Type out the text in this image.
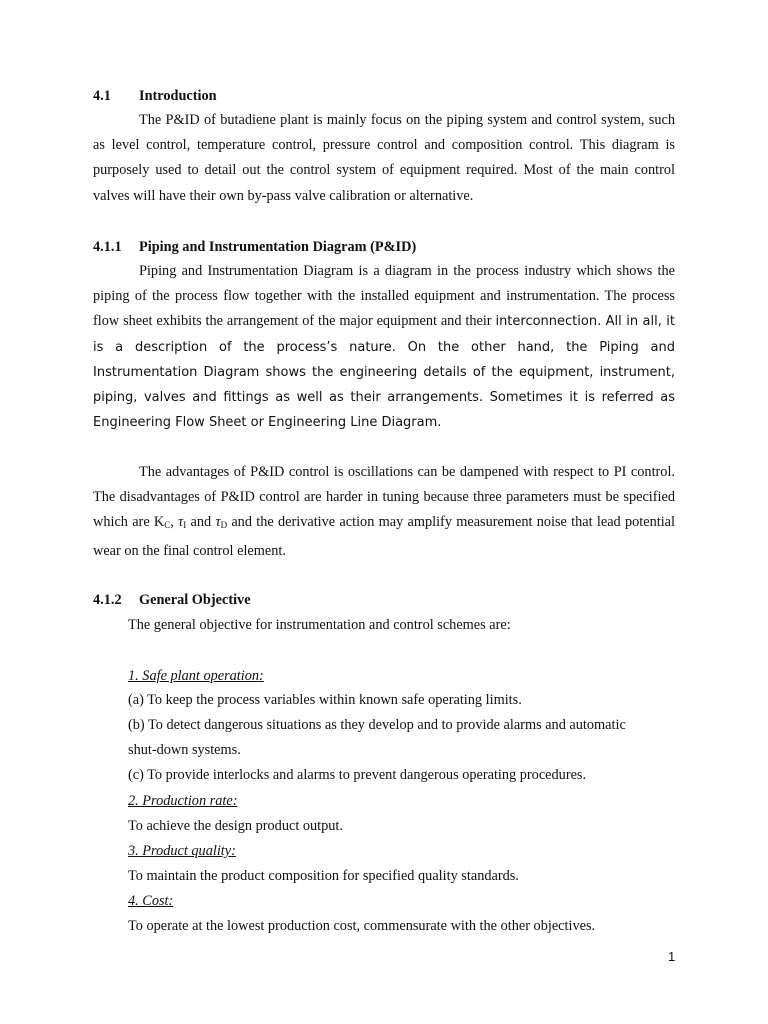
4.1 Introduction

The P&ID of butadiene plant is mainly focus on the piping system and control system, such as level control, temperature control, pressure control and composition control. This diagram is purposely used to detail out the control system of equipment required. Most of the main control valves will have their own by-pass valve calibration or alternative.

4.1.1 Piping and Instrumentation Diagram (P&ID)

Piping and Instrumentation Diagram is a diagram in the process industry which shows the piping of the process flow together with the installed equipment and instrumentation. The process flow sheet exhibits the arrangement of the major equipment and their interconnection. All in all, it is a description of the process’s nature. On the other hand, the Piping and Instrumentation Diagram shows the engineering details of the equipment, instrument, piping, valves and fittings as well as their arrangements. Sometimes it is referred as Engineering Flow Sheet or Engineering Line Diagram.

The advantages of P&ID control is oscillations can be dampened with respect to PI control. The disadvantages of P&ID control are harder in tuning because three parameters must be specified which are $K_C$, $\tau_I$ and $\tau_D$ and the derivative action may amplify measurement noise that lead potential wear on the final control element.

4.1.2 General Objective
The general objective for instrumentation and control schemes are:
1. Safe plant operation:
(a) To keep the process variables within known safe operating limits.
(b) To detect dangerous situations as they develop and to provide alarms and automatic
shut-down systems.
(c) To provide interlocks and alarms to prevent dangerous operating procedures.
2. Production rate:
To achieve the design product output.
3. Product quality:
To maintain the product composition for specified quality standards.
4. Cost:
To operate at the lowest production cost, commensurate with the other objectives.
1
